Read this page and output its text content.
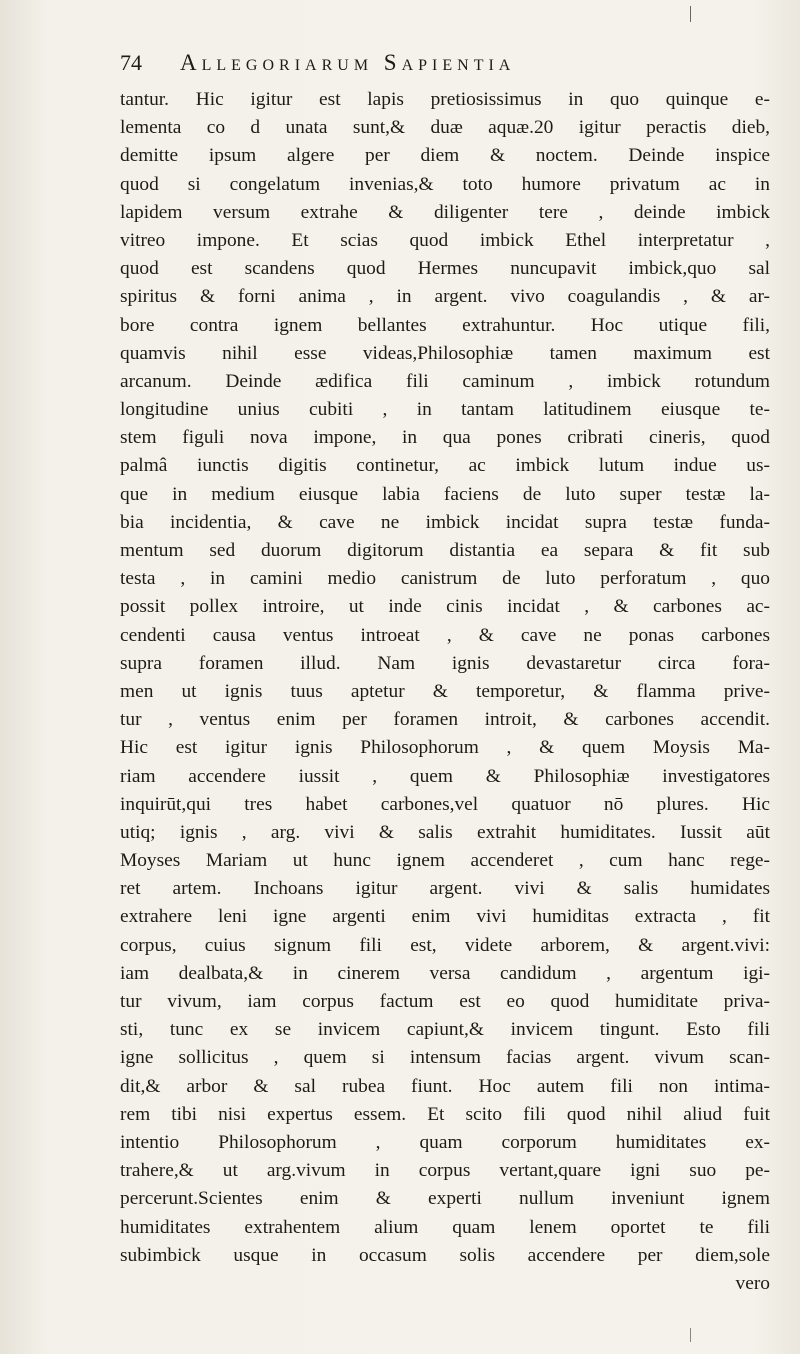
74	Allegoriarum Sapientia
tantur. Hic igitur est lapis pretiosissimus in quo quinque e-
lementa co d unata sunt,& duæ aquæ.20 igitur peractis dieb,
demitte ipsum algere per diem & noctem. Deinde inspice
quod si congelatum invenias,& toto humore privatum ac in
lapidem versum extrahe & diligenter tere , deinde imbick
vitreo impone. Et scias quod imbick Ethel interpretatur ,
quod est scandens quod Hermes nuncupavit imbick,quo sal
spiritus & forni anima , in argent. vivo coagulandis , & ar-
bore contra ignem bellantes extrahuntur. Hoc utique fili,
quamvis nihil esse videas,Philosophiæ tamen maximum est
arcanum. Deinde ædifica fili caminum , imbick rotundum
longitudine unius cubiti , in tantam latitudinem eiusque te-
stem figuli nova impone, in qua pones cribrati cineris, quod
palmâ iunctis digitis continetur, ac imbick lutum indue us-
que in medium eiusque labia faciens de luto super testæ la-
bia incidentia, & cave ne imbick incidat supra testæ funda-
mentum sed duorum digitorum distantia ea separa & fit sub
testa , in camini medio canistrum de luto perforatum , quo
possit pollex introire, ut inde cinis incidat , & carbones ac-
cendenti causa ventus introeat , & cave ne ponas carbones
supra foramen illud. Nam ignis devastaretur circa fora-
men ut ignis tuus aptetur & temporetur, & flamma prive-
tur , ventus enim per foramen introit, & carbones accendit.
Hic est igitur ignis Philosophorum , & quem Moysis Ma-
riam accendere iussit , quem & Philosophiæ investigatores
inquirūt,qui tres habet carbones,vel quatuor nō plures. Hic
utiq; ignis , arg. vivi & salis extrahit humiditates. Iussit aūt
Moyses Mariam ut hunc ignem accenderet , cum hanc rege-
ret artem. Inchoans igitur argent. vivi & salis humidates
extrahere leni igne argenti enim vivi humiditas extracta , fit
corpus, cuius signum fili est, videte arborem, & argent.vivi:
iam dealbata,& in cinerem versa candidum , argentum igi-
tur vivum, iam corpus factum est eo quod humiditate priva-
sti, tunc ex se invicem capiunt,& invicem tingunt. Esto fili
igne sollicitus , quem si intensum facias argent. vivum scan-
dit,& arbor & sal rubea fiunt. Hoc autem fili non intima-
rem tibi nisi expertus essem. Et scito fili quod nihil aliud fuit
intentio Philosophorum , quam corporum humiditates ex-
trahere,& ut arg.vivum in corpus vertant,quare igni suo pe-
percerunt.Scientes enim & experti nullum inveniunt ignem
humiditates extrahentem alium quam lenem oportet te fili
subimbick usque in occasum solis accendere per diem,sole
vero
